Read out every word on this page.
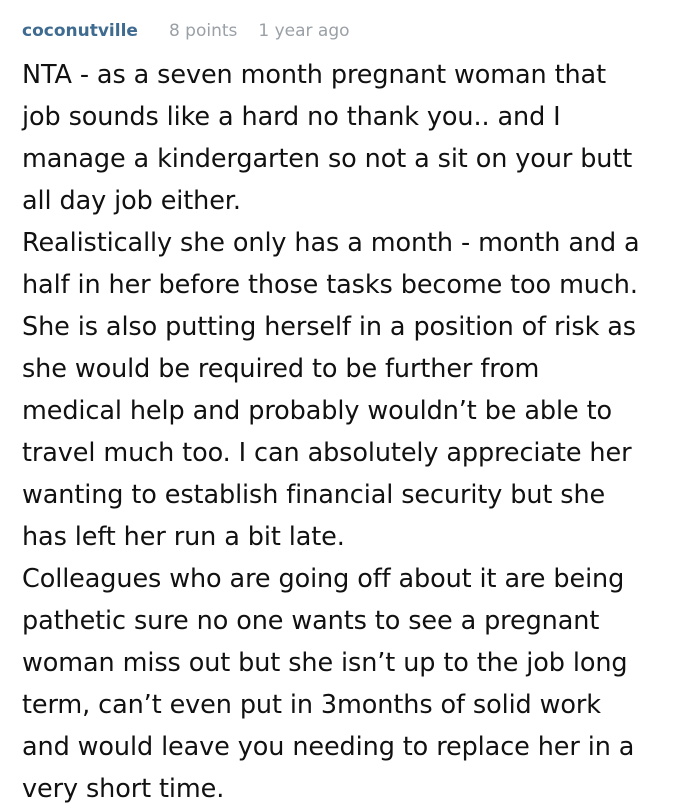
coconutville 8 points 1 year ago
NTA - as a seven month pregnant woman that
job sounds like a hard no thank you.. and I
manage a kindergarten so not a sit on your butt
all day job either.
Realistically she only has a month - month and a
half in her before those tasks become too much.
She is also putting herself in a position of risk as
she would be required to be further from
medical help and probably wouldn’t be able to
travel much too. I can absolutely appreciate her
wanting to establish financial security but she
has left her run a bit late.
Colleagues who are going off about it are being
pathetic sure no one wants to see a pregnant
woman miss out but she isn’t up to the job long
term, can’t even put in 3months of solid work
and would leave you needing to replace her in a
very short time.
